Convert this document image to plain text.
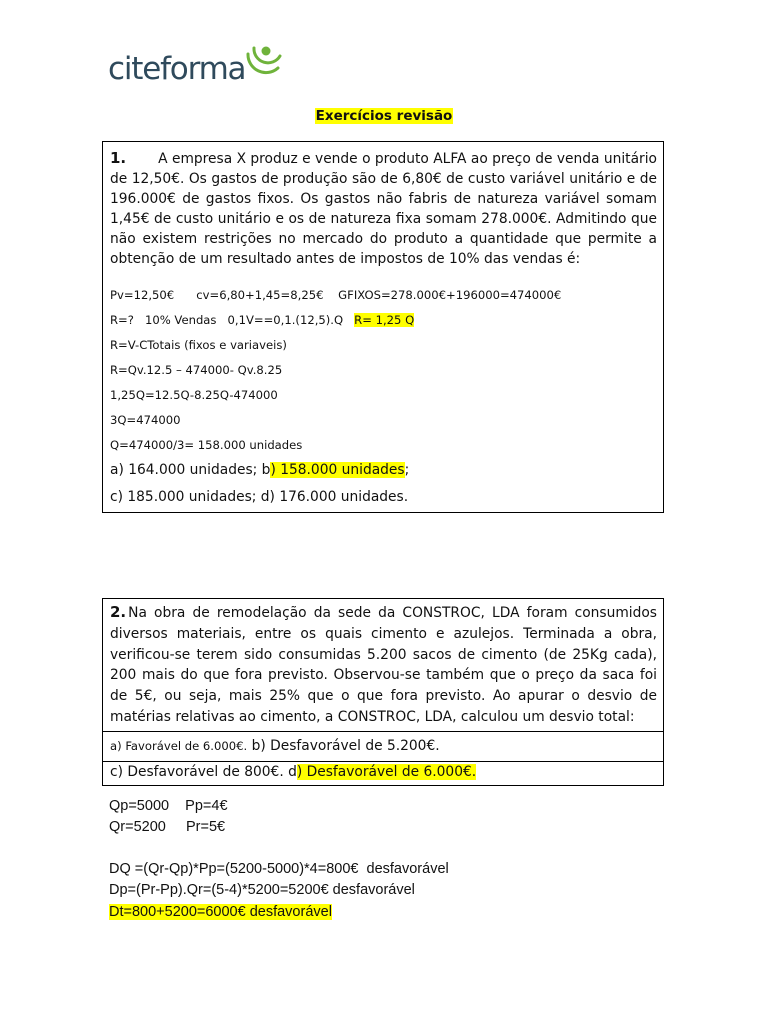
citeforma
Exercícios revisão

1. A empresa X produz e vende o produto ALFA ao preço de venda unitário de 12,50€. Os gastos de produção são de 6,80€ de custo variável unitário e de 196.000€ de gastos fixos. Os gastos não fabris de natureza variável somam 1,45€ de custo unitário e os de natureza fixa somam 278.000€. Admitindo que não existem restrições no mercado do produto a quantidade que permite a obtenção de um resultado antes de impostos de 10% das vendas é:

Pv=12,50€      cv=6,80+1,45=8,25€    GFIXOS=278.000€+196000=474000€
R=?   10% Vendas   0,1V==0,1.(12,5).Q   R= 1,25 Q
R=V-CTotais (fixos e variaveis)
R=Qv.12.5 – 474000- Qv.8.25
1,25Q=12.5Q-8.25Q-474000
3Q=474000
Q=474000/3= 158.000 unidades
a) 164.000 unidades; b) 158.000 unidades;
c) 185.000 unidades; d) 176.000 unidades.

2. Na obra de remodelação da sede da CONSTROC, LDA foram consumidos diversos materiais, entre os quais cimento e azulejos. Terminada a obra, verificou-se terem sido consumidas 5.200 sacos de cimento (de 25Kg cada), 200 mais do que fora previsto. Observou-se também que o preço da saca foi de 5€, ou seja, mais 25% que o que fora previsto. Ao apurar o desvio de matérias relativas ao cimento, a CONSTROC, LDA, calculou um desvio total:

a) Favorável de 6.000€. b) Desfavorável de 5.200€.
c) Desfavorável de 800€. d) Desfavorável de 6.000€.
Qp=5000    Pp=4€
Qr=5200     Pr=5€
DQ =(Qr-Qp)*Pp=(5200-5000)*4=800€  desfavorável
Dp=(Pr-Pp).Qr=(5-4)*5200=5200€ desfavorável
Dt=800+5200=6000€ desfavorável
